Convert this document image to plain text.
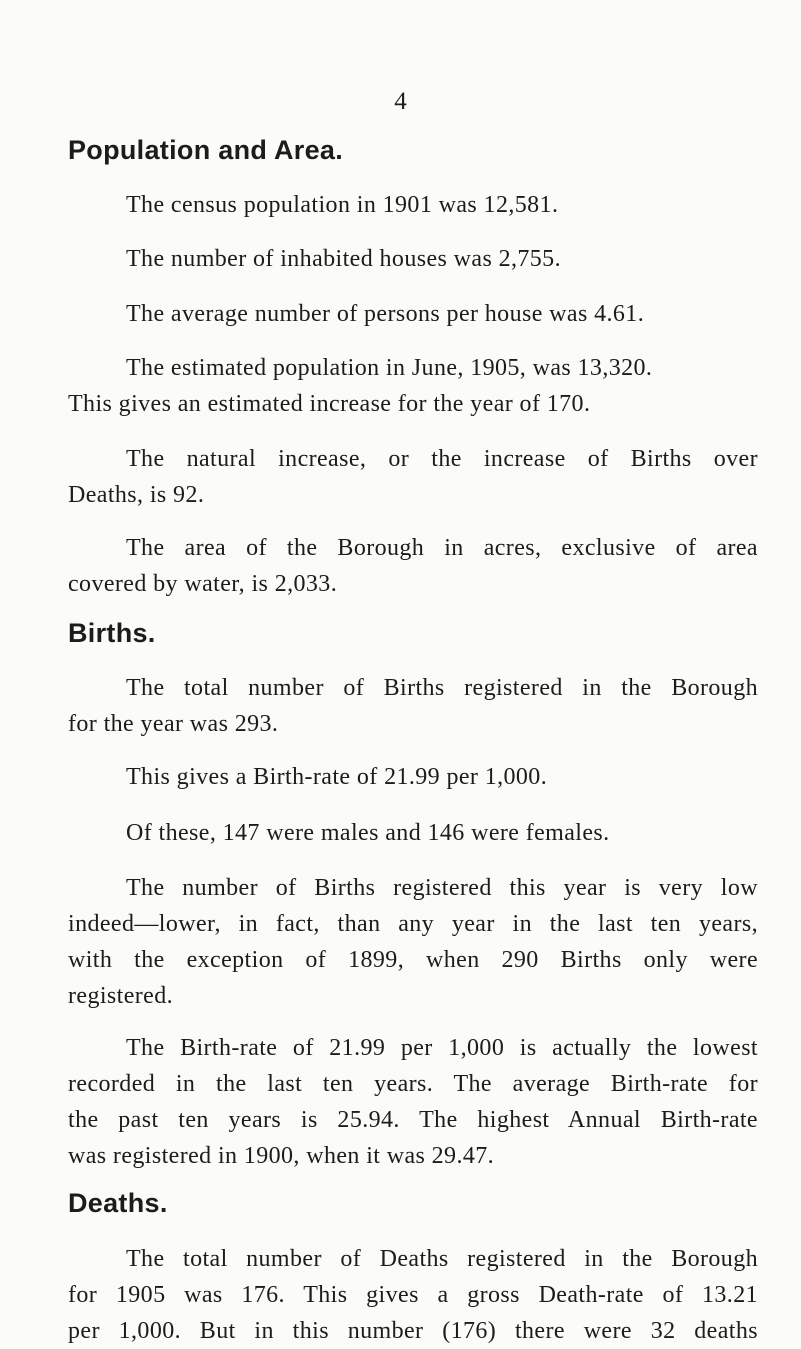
4
Population and Area.

The census population in 1901 was 12,581.

The number of inhabited houses was 2,755.

The average number of persons per house was 4.61.

The estimated population in June, 1905, was 13,320.
This gives an estimated increase for the year of 170.

The natural increase, or the increase of Births over
Deaths, is 92.

The area of the Borough in acres, exclusive of area
covered by water, is 2,033.

Births.

The total number of Births registered in the Borough
for the year was 293.

This gives a Birth-rate of 21.99 per 1,000.

Of these, 147 were males and 146 were females.

The number of Births registered this year is very low
indeed—lower, in fact, than any year in the last ten years,
with the exception of 1899, when 290 Births only were
registered.

The Birth-rate of 21.99 per 1,000 is actually the lowest
recorded in the last ten years. The average Birth-rate for
the past ten years is 25.94. The highest Annual Birth-rate
was registered in 1900, when it was 29.47.

Deaths.

The total number of Deaths registered in the Borough
for 1905 was 176. This gives a gross Death-rate of 13.21
per 1,000. But in this number (176) there were 32 deaths
